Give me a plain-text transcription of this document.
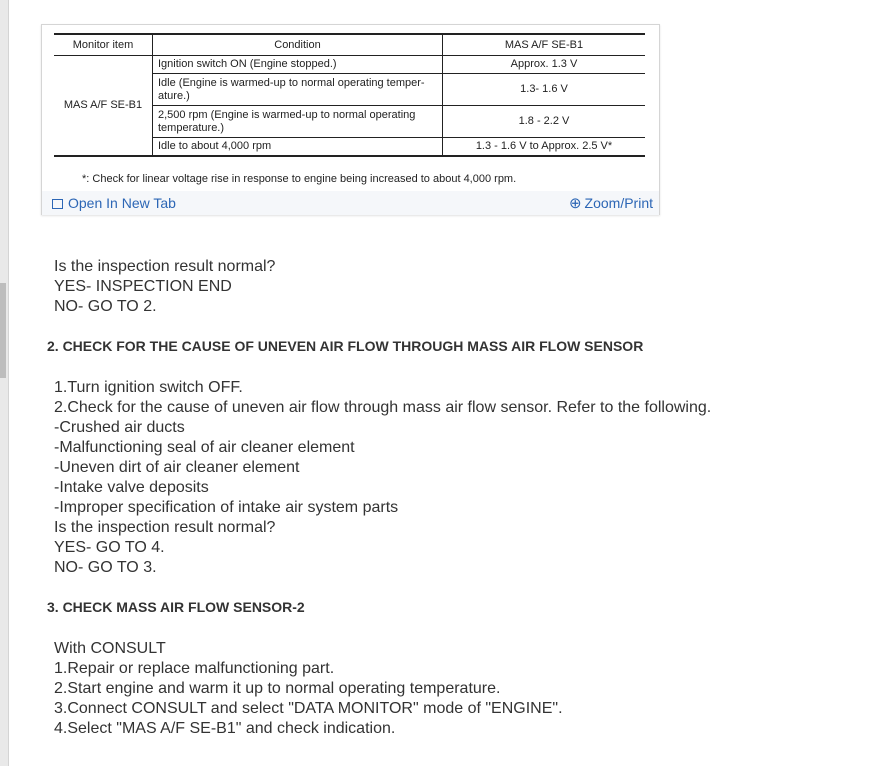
Monitor item	Condition	MAS A/F SE-B1
MAS A/F SE-B1	Ignition switch ON (Engine stopped.)	Approx. 1.3 V
	Idle (Engine is warmed-up to normal operating temper-ature.)	1.3- 1.6 V
	2,500 rpm (Engine is warmed-up to normal operating temperature.)	1.8 - 2.2 V
	Idle to about 4,000 rpm	1.3 - 1.6 V to Approx. 2.5 V*
*: Check for linear voltage rise in response to engine being increased to about 4,000 rpm.
Open In New Tab	⊕ Zoom/Print
Is the inspection result normal?
YES- INSPECTION END
NO- GO TO 2.
2. CHECK FOR THE CAUSE OF UNEVEN AIR FLOW THROUGH MASS AIR FLOW SENSOR
1.Turn ignition switch OFF.
2.Check for the cause of uneven air flow through mass air flow sensor. Refer to the following.
-Crushed air ducts
-Malfunctioning seal of air cleaner element
-Uneven dirt of air cleaner element
-Intake valve deposits
-Improper specification of intake air system parts
Is the inspection result normal?
YES- GO TO 4.
NO- GO TO 3.
3. CHECK MASS AIR FLOW SENSOR-2
With CONSULT
1.Repair or replace malfunctioning part.
2.Start engine and warm it up to normal operating temperature.
3.Connect CONSULT and select "DATA MONITOR" mode of "ENGINE".
4.Select "MAS A/F SE-B1" and check indication.
